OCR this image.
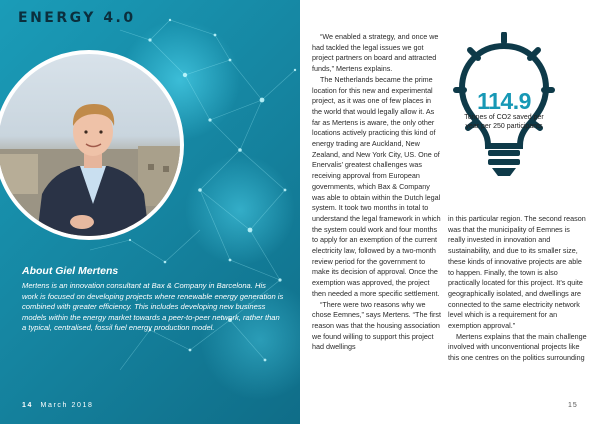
ENERGY 4.0
About Giel Mertens
Mertens is an innovation consultant at Bax & Company in Barcelona. His work is focused on developing projects where renewable energy generation is combined with greater efficiency. This includes developing new business models within the energy market towards a peer-to-peer network, rather than a typical, centralised, fossil fuel energy production model.
14 March 2018

“We enabled a strategy, and once we had tackled the legal issues we got project partners on board and attracted funds,” Mertens explains.

The Netherlands became the prime location for this new and experimental project, as it was one of few places in the world that would legally allow it. As far as Mertens is aware, the only other locations actively practicing this kind of energy trading are Auckland, New Zealand, and New York City, US. One of Enervalis’ greatest challenges was receiving approval from European governments, which Bax & Company was able to obtain within the Dutch legal system. It took two months in total to understand the legal framework in which the system could work and four months to apply for an exemption of the current electricity law, followed by a two-month review period for the government to make its decision of approval. Once the exemption was approved, the project then needed a more specific settlement.

“There were two reasons why we chose Eemnes,” says Mertens. “The first reason was that the housing association we found willing to support this project had dwellings

114.9
Tonnes of CO2 saved per year per 250 participants

in this particular region. The second reason was that the municipality of Eemnes is really invested in innovation and sustainability, and due to its smaller size, these kinds of innovative projects are able to happen. Finally, the town is also practically located for this project. It’s quite geographically isolated, and dwellings are connected to the same electricity network level which is a requirement for an exemption approval.”

Mertens explains that the main challenge involved with unconventional projects like this one centres on the politics surrounding

15
